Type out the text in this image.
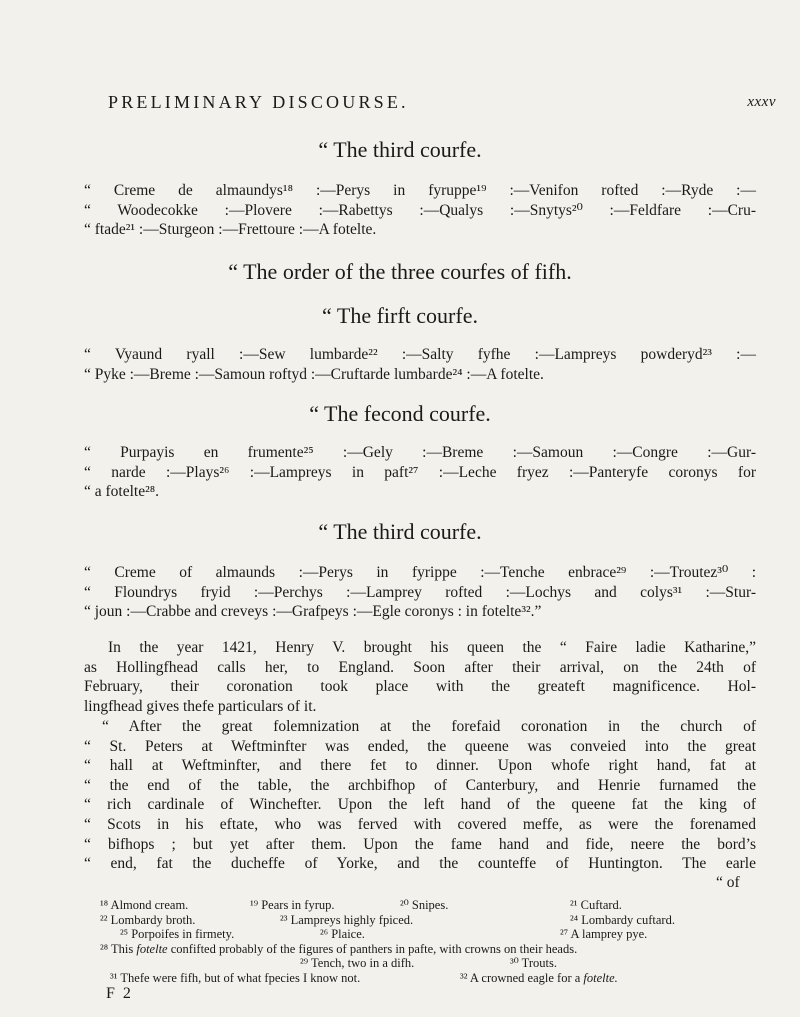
PRELIMINARY DISCOURSE.	xxxv
“ The third courfe.
“ Creme de almaundys¹⁸ :—Perys in fyruppe¹⁹ :—Venifon rofted :—Ryde :—
“ Woodecokke :—Plovere :—Rabettys :—Qualys :—Snytys²⁰ :—Feldfare :—Cru-
“ ftade²¹ :—Sturgeon :—Frettoure :—A fotelte.
“ The order of the three courfes of fifh.
“ The firft courfe.
“ Vyaund ryall :—Sew lumbarde²² :—Salty fyfhe :—Lampreys powderyd²³ :—
“ Pyke :—Breme :—Samoun roftyd :—Cruftarde lumbarde²⁴ :—A fotelte.
“ The fecond courfe.
“ Purpayis en frumente²⁵ :—Gely :—Breme :—Samoun :—Congre :—Gur-
“ narde :—Plays²⁶ :—Lampreys in paft²⁷ :—Leche fryez :—Panteryfe coronys for
“ a fotelte²⁸.
“ The third courfe.
“ Creme of almaunds :—Perys in fyrippe :—Tenche enbrace²⁹ :—Troutez³⁰ :
“ Floundrys fryid :—Perchys :—Lamprey rofted :—Lochys and colys³¹ :—Stur-
“ joun :—Crabbe and creveys :—Grafpeys :—Egle coronys : in fotelte³².”
In the year 1421, Henry V. brought his queen the “ Faire ladie Katharine,”
as Hollingfhead calls her, to England. Soon after their arrival, on the 24th of
February, their coronation took place with the greateft magnificence. Hol-
lingfhead gives thefe particulars of it.
“ After the great folemnization at the forefaid coronation in the church of
“ St. Peters at Weftminfter was ended, the queene was conveied into the great
“ hall at Weftminfter, and there fet to dinner. Upon whofe right hand, fat at
“ the end of the table, the archbifhop of Canterbury, and Henrie furnamed the
“ rich cardinale of Winchefter. Upon the left hand of the queene fat the king of
“ Scots in his eftate, who was ferved with covered meffe, as were the forenamed
“ bifhops ; but yet after them. Upon the fame hand and fide, neere the bord’s
“ end, fat the ducheffe of Yorke, and the counteffe of Huntington. The earle
“ of
¹⁸ Almond cream.	¹⁹ Pears in fyrup.	²⁰ Snipes.	²¹ Cuftard.
²² Lombardy broth.	²³ Lampreys highly fpiced.	²⁴ Lombardy cuftard.
²⁵ Porpoifes in firmety.	²⁶ Plaice.	²⁷ A lamprey pye.
²⁸ This fotelte confifted probably of the figures of panthers in pafte, with crowns on their heads.
²⁹ Tench, two in a difh.	³⁰ Trouts.
³¹ Thefe were fifh, but of what fpecies I know not.	³² A crowned eagle for a fotelte.
F 2
